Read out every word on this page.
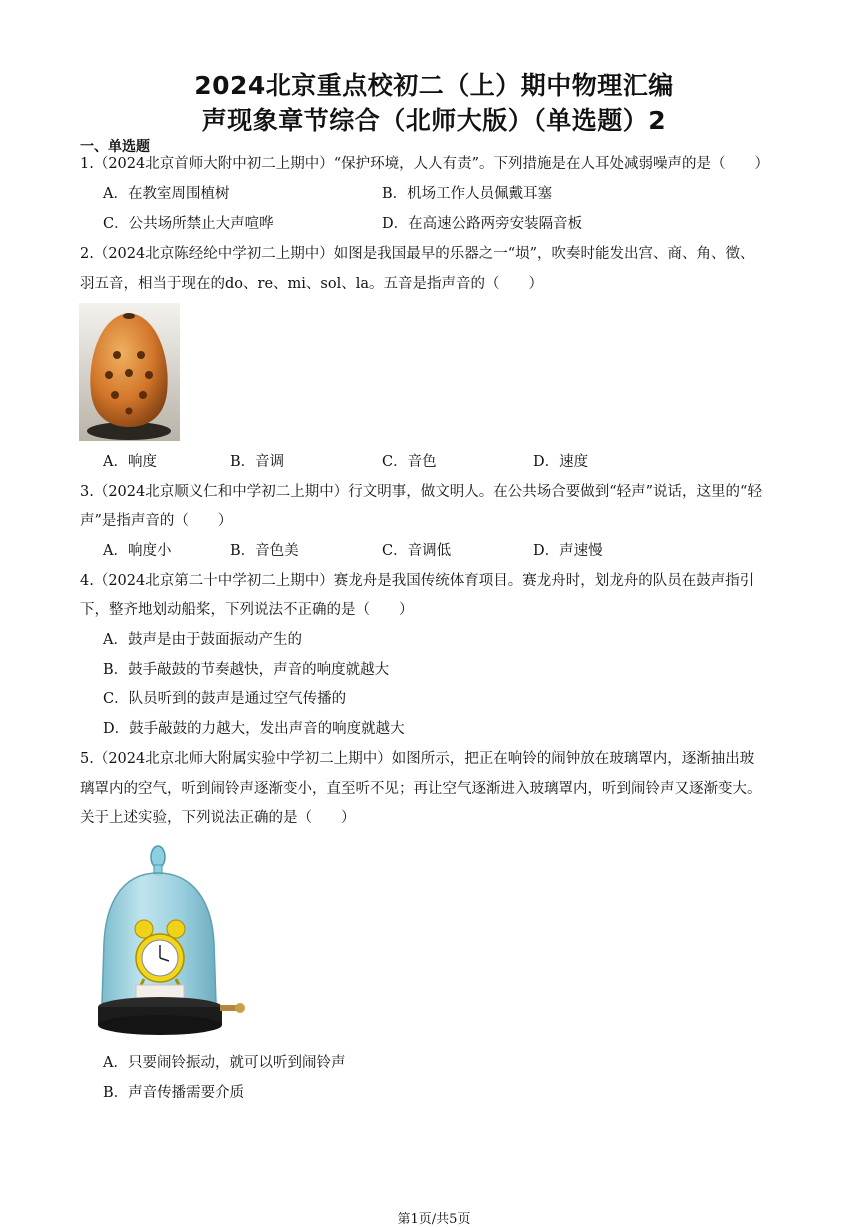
2024北京重点校初二（上）期中物理汇编
声现象章节综合（北师大版）（单选题）2
一、单选题
1.（2024北京首师大附中初二上期中）“保护环境，人人有责”。下列措施是在人耳处减弱噪声的是（　　）
A．在教室周围植树	B．机场工作人员佩戴耳塞
C．公共场所禁止大声喧哗	D．在高速公路两旁安装隔音板
2.（2024北京陈经纶中学初二上期中）如图是我国最早的乐器之一“埙”，吹奏时能发出宫、商、角、徵、
羽五音，相当于现在的do、re、mi、sol、la。五音是指声音的（　　）
A．响度	B．音调	C．音色	D．速度
3.（2024北京顺义仁和中学初二上期中）行文明事，做文明人。在公共场合要做到“轻声”说话，这里的“轻
声”是指声音的（　　）
A．响度小	B．音色美	C．音调低	D．声速慢
4.（2024北京第二十中学初二上期中）赛龙舟是我国传统体育项目。赛龙舟时，划龙舟的队员在鼓声指引
下，整齐地划动船桨，下列说法不正确的是（　　）
A．鼓声是由于鼓面振动产生的
B．鼓手敲鼓的节奏越快，声音的响度就越大
C．队员听到的鼓声是通过空气传播的
D．鼓手敲鼓的力越大，发出声音的响度就越大
5.（2024北京北师大附属实验中学初二上期中）如图所示，把正在响铃的闹钟放在玻璃罩内，逐渐抽出玻
璃罩内的空气，听到闹铃声逐渐变小，直至听不见；再让空气逐渐进入玻璃罩内，听到闹铃声又逐渐变大。
关于上述实验，下列说法正确的是（　　）
A．只要闹铃振动，就可以听到闹铃声
B．声音传播需要介质
第1页/共5页
